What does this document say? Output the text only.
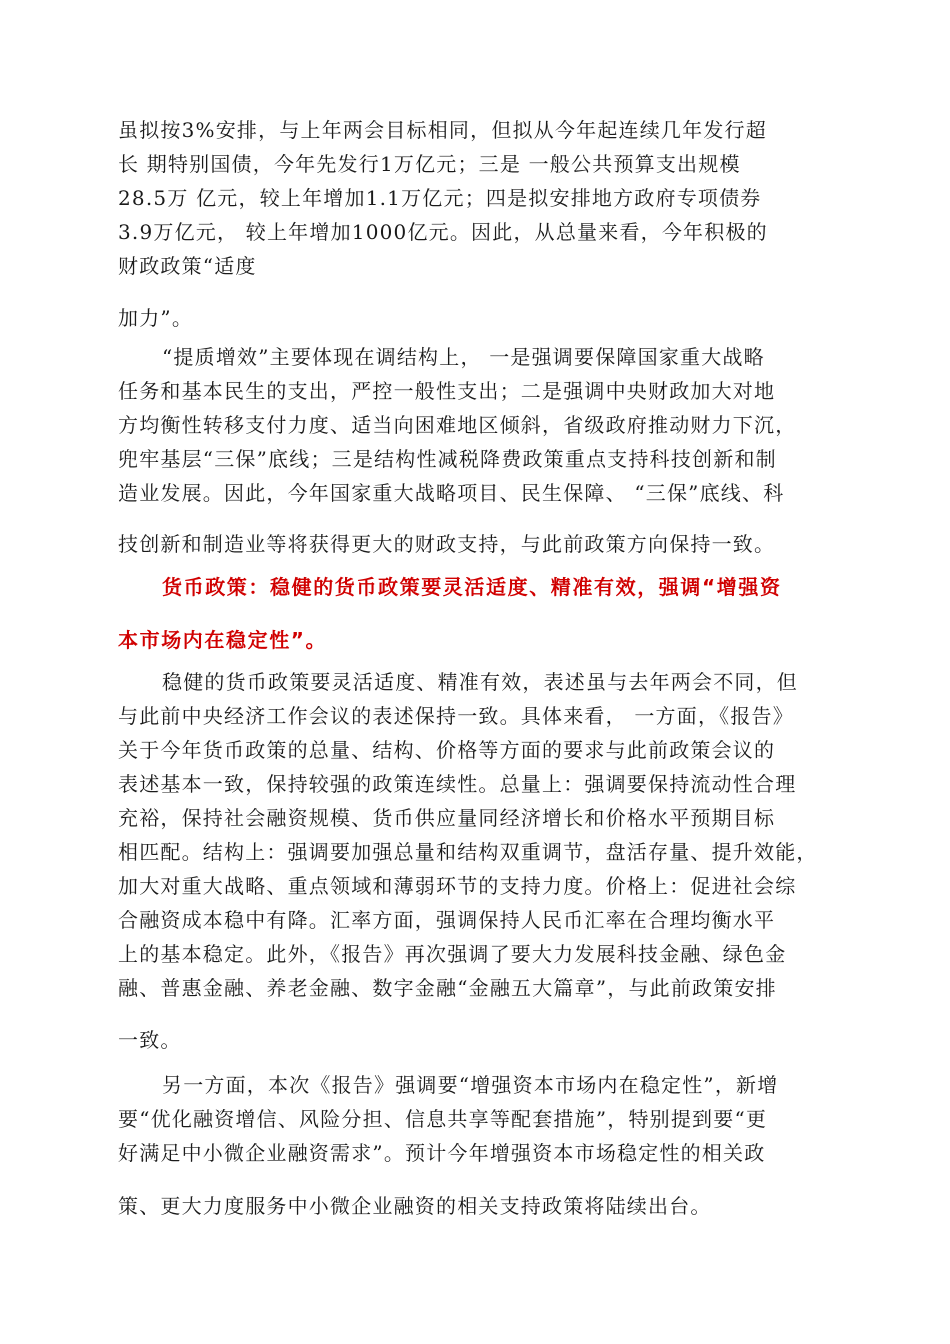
虽拟按3%安排，与上年两会目标相同，但拟从今年起连续几年发行超
长 期特别国债，今年先发行1万亿元；三是 一般公共预算支出规模
28.5万 亿元，较上年增加1.1万亿元；四是拟安排地方政府专项债券
3.9万亿元， 较上年增加1000亿元。因此，从总量来看，今年积极的
财政政策“适度
加力”。
“提质增效”主要体现在调结构上， 一是强调要保障国家重大战略
任务和基本民生的支出，严控一般性支出；二是强调中央财政加大对地
方均衡性转移支付力度、适当向困难地区倾斜，省级政府推动财力下沉，
兜牢基层“三保”底线；三是结构性减税降费政策重点支持科技创新和制
造业发展。因此，今年国家重大战略项目、民生保障、 “三保”底线、科
技创新和制造业等将获得更大的财政支持，与此前政策方向保持一致。
货币政策：稳健的货币政策要灵活适度、精准有效，强调“增强资
本市场内在稳定性”。
稳健的货币政策要灵活适度、精准有效，表述虽与去年两会不同，但
与此前中央经济工作会议的表述保持一致。具体来看， 一方面，《报告》
关于今年货币政策的总量、结构、价格等方面的要求与此前政策会议的
表述基本一致，保持较强的政策连续性。总量上：强调要保持流动性合理
充裕，保持社会融资规模、货币供应量同经济增长和价格水平预期目标
相匹配。结构上：强调要加强总量和结构双重调节，盘活存量、提升效能，
加大对重大战略、重点领域和薄弱环节的支持力度。价格上：促进社会综
合融资成本稳中有降。汇率方面，强调保持人民币汇率在合理均衡水平
上的基本稳定。此外，《报告》再次强调了要大力发展科技金融、绿色金
融、普惠金融、养老金融、数字金融“金融五大篇章”，与此前政策安排
一致。
另一方面，本次《报告》强调要“增强资本市场内在稳定性”，新增
要“优化融资增信、风险分担、信息共享等配套措施”，特别提到要“更
好满足中小微企业融资需求”。预计今年增强资本市场稳定性的相关政
策、更大力度服务中小微企业融资的相关支持政策将陆续出台。
